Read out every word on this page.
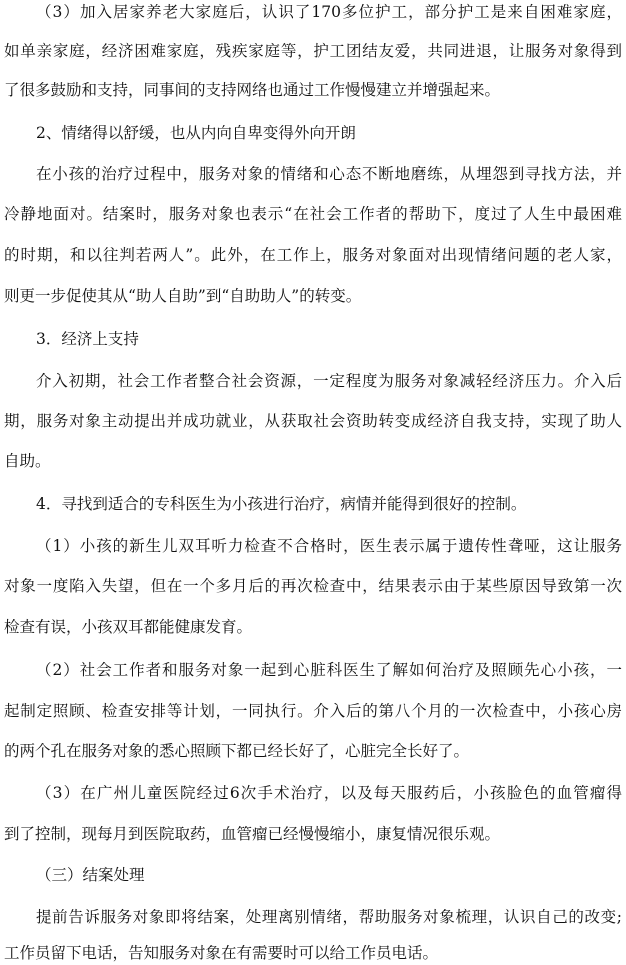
（3）加入居家养老大家庭后，认识了170多位护工，部分护工是来自困难家庭，
如单亲家庭，经济困难家庭，残疾家庭等，护工团结友爱，共同进退，让服务对象得到
了很多鼓励和支持，同事间的支持网络也通过工作慢慢建立并增强起来。
2、情绪得以舒缓，也从内向自卑变得外向开朗
在小孩的治疗过程中，服务对象的情绪和心态不断地磨练，从埋怨到寻找方法，并
冷静地面对。结案时，服务对象也表示“在社会工作者的帮助下，度过了人生中最困难
的时期，和以往判若两人”。此外，在工作上，服务对象面对出现情绪问题的老人家，
则更一步促使其从“助人自助”到“自助助人”的转变。
3．经济上支持
介入初期，社会工作者整合社会资源，一定程度为服务对象减轻经济压力。介入后
期，服务对象主动提出并成功就业，从获取社会资助转变成经济自我支持，实现了助人
自助。
4．寻找到适合的专科医生为小孩进行治疗，病情并能得到很好的控制。
（1）小孩的新生儿双耳听力检查不合格时，医生表示属于遗传性聋哑，这让服务
对象一度陷入失望，但在一个多月后的再次检查中，结果表示由于某些原因导致第一次
检查有误，小孩双耳都能健康发育。
（2）社会工作者和服务对象一起到心脏科医生了解如何治疗及照顾先心小孩，一
起制定照顾、检查安排等计划，一同执行。介入后的第八个月的一次检查中，小孩心房
的两个孔在服务对象的悉心照顾下都已经长好了，心脏完全长好了。
（3）在广州儿童医院经过6次手术治疗，以及每天服药后，小孩脸色的血管瘤得
到了控制，现每月到医院取药，血管瘤已经慢慢缩小，康复情况很乐观。
（三）结案处理
提前告诉服务对象即将结案，处理离别情绪，帮助服务对象梳理，认识自己的改变;
工作员留下电话，告知服务对象在有需要时可以给工作员电话。
